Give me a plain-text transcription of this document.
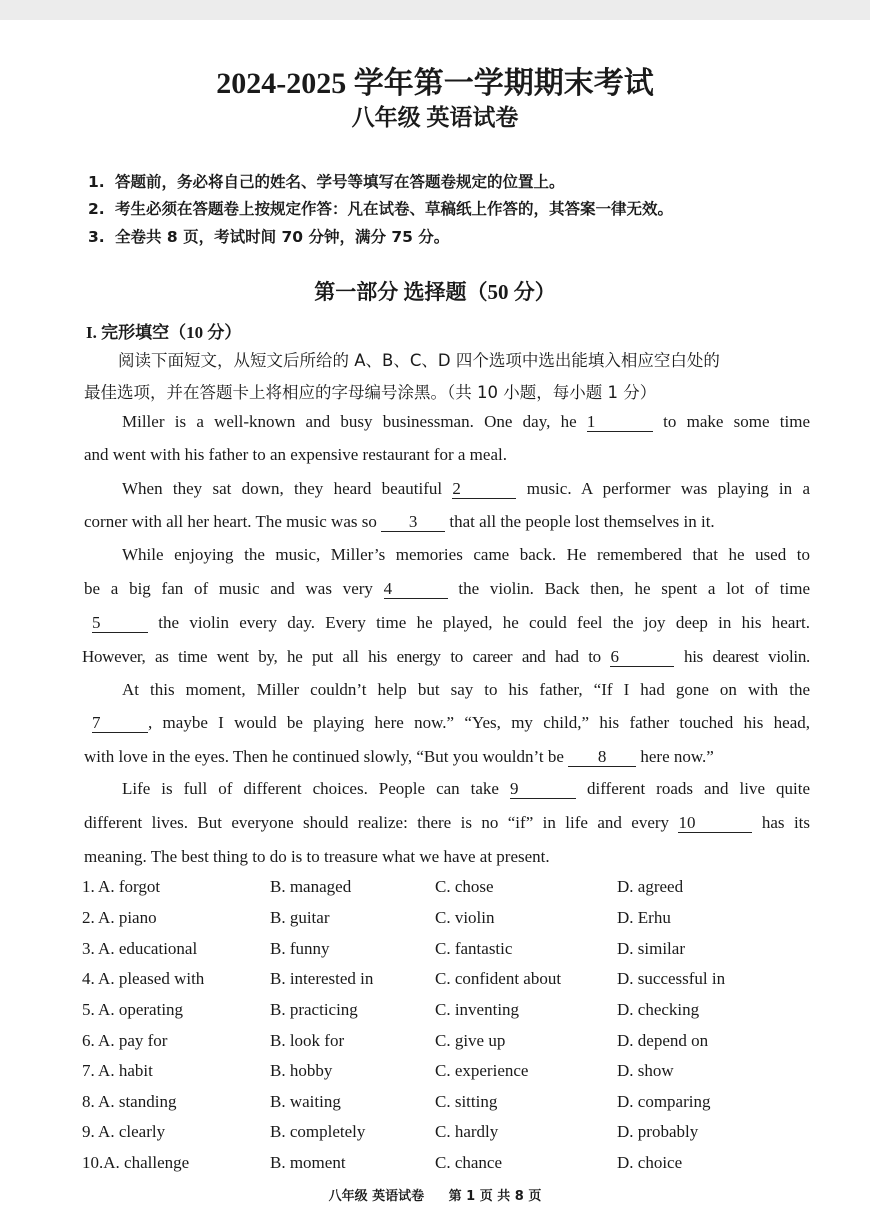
2024-2025 学年第一学期期末考试
八年级 英语试卷
1. 答题前，务必将自己的姓名、学号等填写在答题卷规定的位置上。
2. 考生必须在答题卷上按规定作答：凡在试卷、草稿纸上作答的，其答案一律无效。
3. 全卷共 8 页，考试时间 70 分钟，满分 75 分。
第一部分 选择题（50 分）
I. 完形填空（10 分）
阅读下面短文，从短文后所给的 A、B、C、D 四个选项中选出能填入相应空白处的
最佳选项，并在答题卡上将相应的字母编号涂黑。（共 10 小题，每小题 1 分）
Miller is a well-known and busy businessman. One day, he 1	to make some time
and went with his father to an expensive restaurant for a meal.
When they sat down, they heard beautiful 2	music. A performer was playing in a
corner with all her heart. The music was so 3 that all the people lost themselves in it.
While enjoying the music, Miller’s memories came back. He remembered that he used to
be a big fan of music and was very 4	the violin. Back then, he spent a lot of time
5	the violin every day. Every time he played, he could feel the joy deep in his heart.
However, as time went by, he put all his energy to career and had to 6	his dearest violin.
At this moment, Miller couldn’t help but say to his father, “If I had gone on with the
7	, maybe I would be playing here now.” “Yes, my child,” his father touched his head,
with love in the eyes. Then he continued slowly, “But you wouldn’t be 8 here now.”
Life is full of different choices. People can take 9	different roads and live quite
different lives. But everyone should realize: there is no “if” in life and every 10	has its
meaning. The best thing to do is to treasure what we have at present.
1. A. forgot	B. managed	C. chose	D. agreed
2. A. piano	B. guitar	C. violin	D. Erhu
3. A. educational	B. funny	C. fantastic	D. similar
4. A. pleased with	B. interested in	C. confident about	D. successful in
5. A. operating	B. practicing	C. inventing	D. checking
6. A. pay for	B. look for	C. give up	D. depend on
7. A. habit	B. hobby	C. experience	D. show
8. A. standing	B. waiting	C. sitting	D. comparing
9. A. clearly	B. completely	C. hardly	D. probably
10.A. challenge	B. moment	C. chance	D. choice
八年级 英语试卷 第 1 页 共 8 页
